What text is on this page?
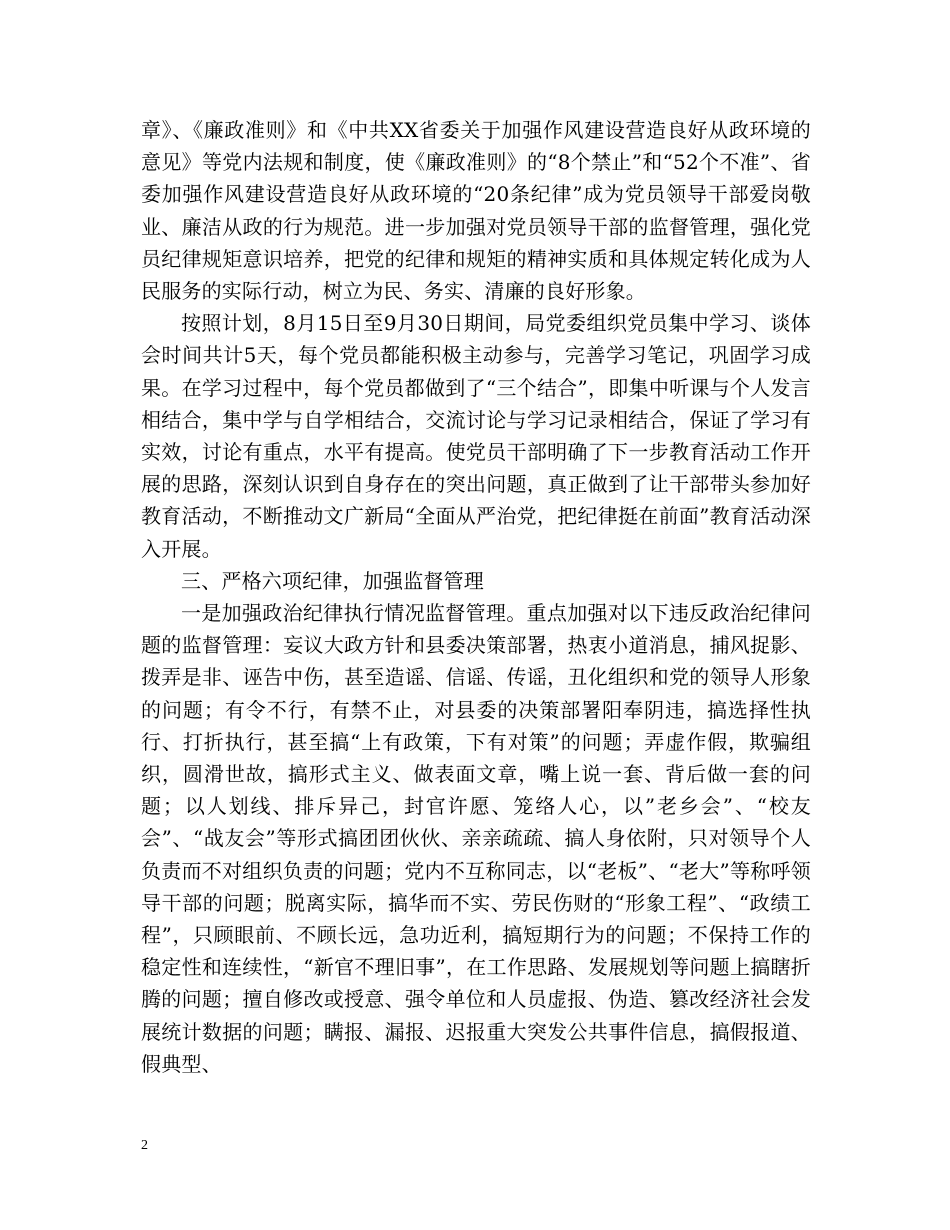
章》、《廉政准则》和《中共XX省委关于加强作风建设营造良好从政环境的意见》等党内法规和制度，使《廉政准则》的“8个禁止”和“52个不准”、省委加强作风建设营造良好从政环境的“20条纪律”成为党员领导干部爱岗敬业、廉洁从政的行为规范。进一步加强对党员领导干部的监督管理，强化党员纪律规矩意识培养，把党的纪律和规矩的精神实质和具体规定转化成为人民服务的实际行动，树立为民、务实、清廉的良好形象。

按照计划，8月15日至9月30日期间，局党委组织党员集中学习、谈体会时间共计5天，每个党员都能积极主动参与，完善学习笔记，巩固学习成果。在学习过程中，每个党员都做到了“三个结合”，即集中听课与个人发言相结合，集中学与自学相结合，交流讨论与学习记录相结合，保证了学习有实效，讨论有重点，水平有提高。使党员干部明确了下一步教育活动工作开展的思路，深刻认识到自身存在的突出问题，真正做到了让干部带头参加好教育活动，不断推动文广新局“全面从严治党，把纪律挺在前面”教育活动深入开展。

三、严格六项纪律，加强监督管理

一是加强政治纪律执行情况监督管理。重点加强对以下违反政治纪律问题的监督管理：妄议大政方针和县委决策部署，热衷小道消息，捕风捉影、拨弄是非、诬告中伤，甚至造谣、信谣、传谣，丑化组织和党的领导人形象的问题；有令不行，有禁不止，对县委的决策部署阳奉阴违，搞选择性执行、打折执行，甚至搞“上有政策，下有对策”的问题；弄虚作假，欺骗组织，圆滑世故，搞形式主义、做表面文章，嘴上说一套、背后做一套的问题；以人划线、排斥异己，封官许愿、笼络人心，以”老乡会”、“校友会”、“战友会”等形式搞团团伙伙、亲亲疏疏、搞人身依附，只对领导个人负责而不对组织负责的问题；党内不互称同志，以“老板”、“老大”等称呼领导干部的问题；脱离实际，搞华而不实、劳民伤财的“形象工程”、“政绩工程”，只顾眼前、不顾长远，急功近利，搞短期行为的问题；不保持工作的稳定性和连续性，“新官不理旧事”，在工作思路、发展规划等问题上搞瞎折腾的问题；擅自修改或授意、强令单位和人员虚报、伪造、篡改经济社会发展统计数据的问题；瞒报、漏报、迟报重大突发公共事件信息，搞假报道、假典型、

2
